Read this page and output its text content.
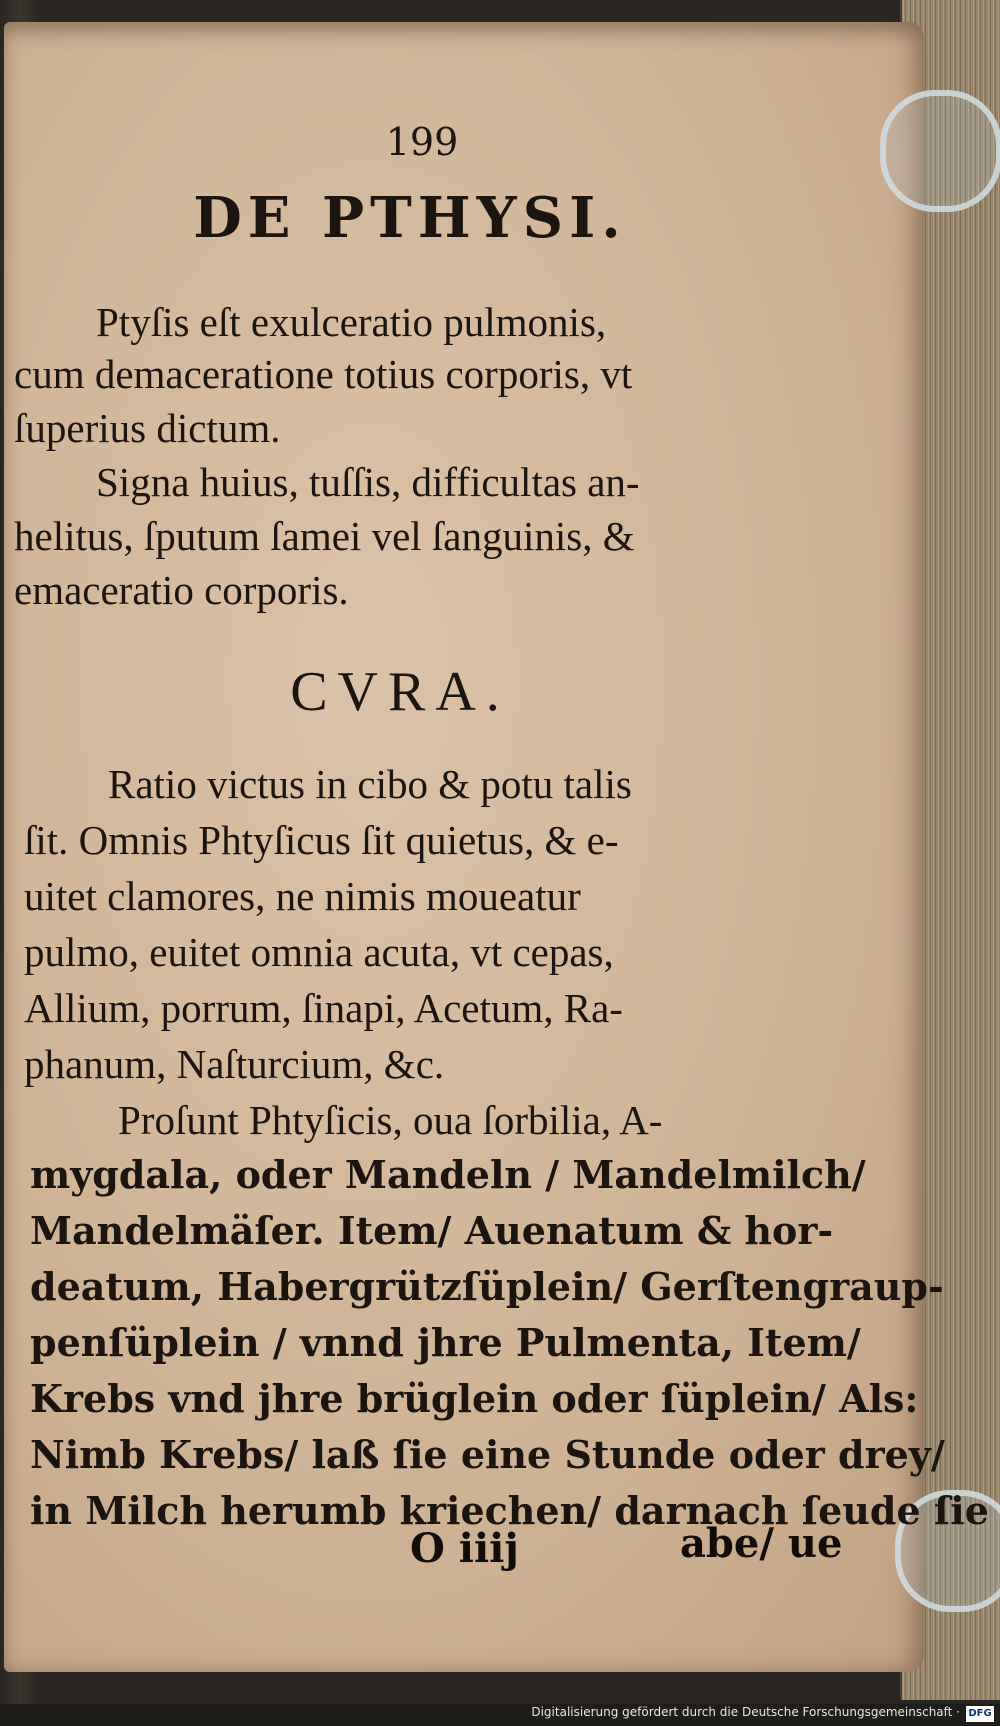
199
DE PTHYSI.
Ptyſis eſt exulceratio pulmonis,
cum demaceratione totius corporis, vt
ſuperius dictum.
Signa huius, tuſſis, difficultas an-
helitus, ſputum ſamei vel ſanguinis, &
emaceratio corporis.
CVRA.
Ratio victus in cibo & potu talis
ſit. Omnis Phtyſicus ſit quietus, & e-
uitet clamores, ne nimis moueatur
pulmo, euitet omnia acuta, vt cepas,
Allium, porrum, ſinapi, Acetum, Ra-
phanum, Naſturcium, &c.
Proſunt Phtyſicis, oua ſorbilia, A-
mygdala, oder Mandeln / Mandelmilch/
Mandelmäſer. Item/ Auenatum & hor-
deatum, Habergrützſüplein/ Gerſtengraup-
penſüplein / vnnd jhre Pulmenta, Item/
Krebs vnd jhre brüglein oder ſüplein/ Als:
Nimb Krebs/ laß ſie eine Stunde oder drey/
in Milch herumb kriechen/ darnach ſeude ſie
O iiij	abe/ ue
Digitalisierung gefördert durch die Deutsche Forschungsgemeinschaft · DFG
